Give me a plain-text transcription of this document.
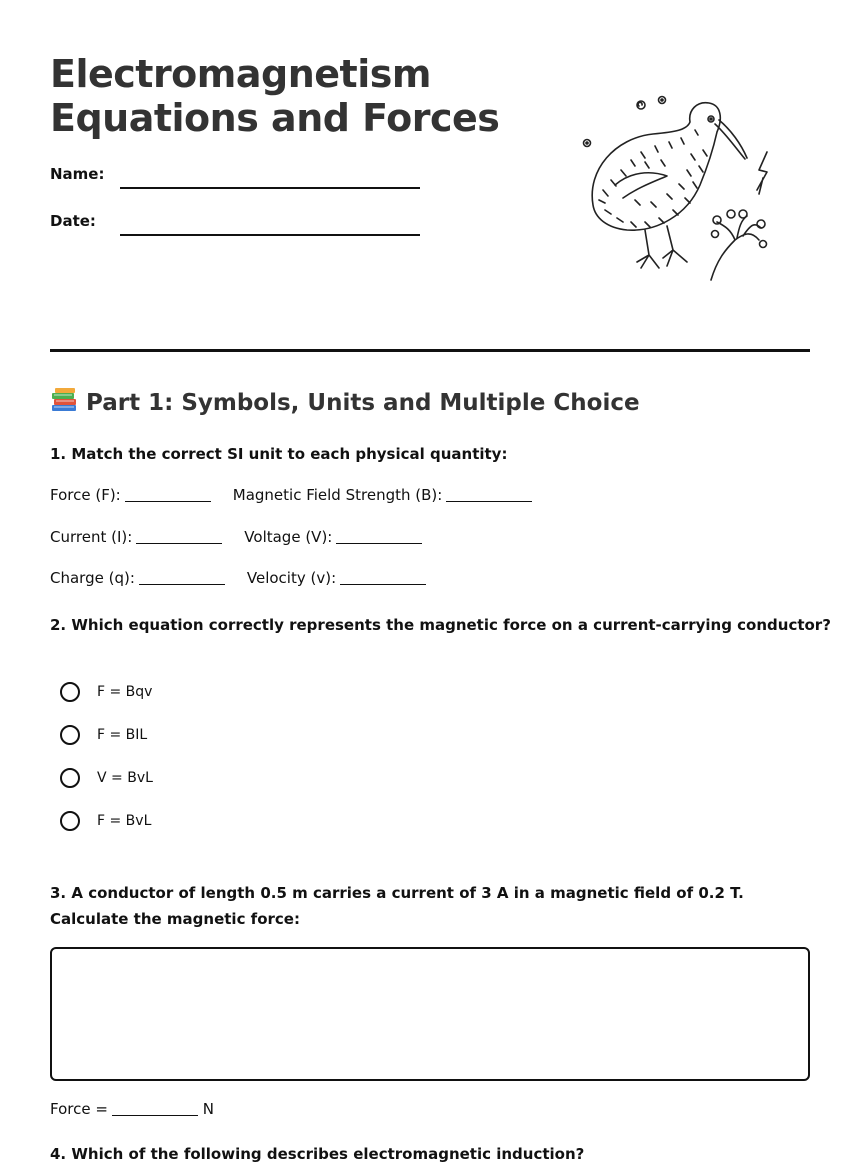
Electromagnetism
Equations and Forces
Name:
Date:
Part 1: Symbols, Units and Multiple Choice
1. Match the correct SI unit to each physical quantity:
Force (F):	Magnetic Field Strength (B):
Current (I):	Voltage (V):
Charge (q):	Velocity (v):
2. Which equation correctly represents the magnetic force on a current-carrying conductor?
F = Bqv
F = BIL
V = BvL
F = BvL
3. A conductor of length 0.5 m carries a current of 3 A in a magnetic field of 0.2 T. Calculate the magnetic force:
Force =	N
4. Which of the following describes electromagnetic induction?
